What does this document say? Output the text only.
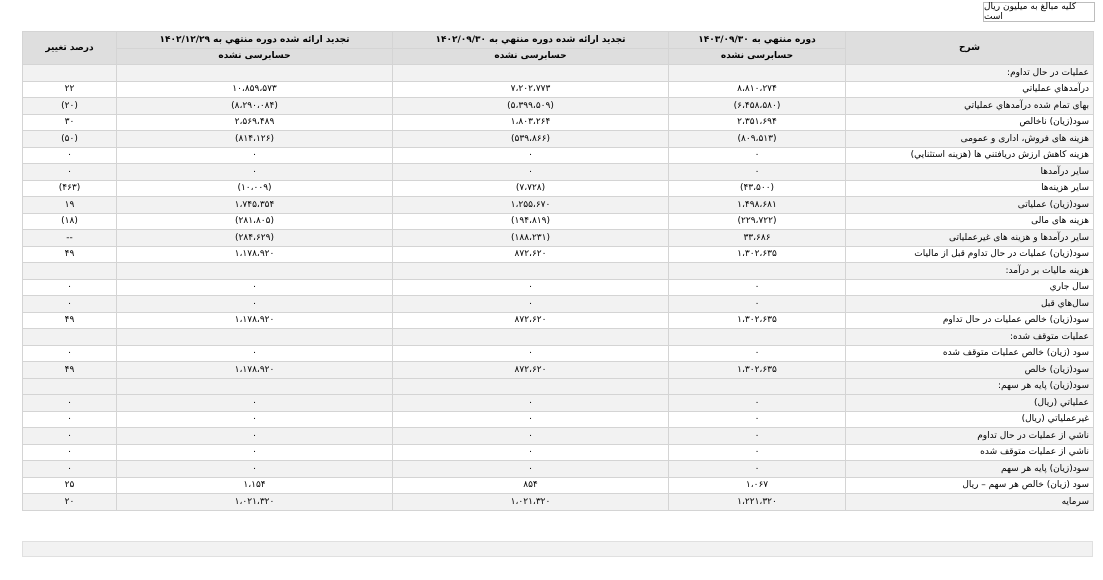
کلیه مبالغ به میلیون ریال است
شرح	دوره منتهي به ۱۴۰۳/۰۹/۳۰	تجدید ارائه شده دوره منتهي به ۱۴۰۲/۰۹/۳۰	تجدید ارائه شده دوره منتهي به ۱۴۰۲/۱۲/۲۹	درصد تغییر
	حسابرسی نشده	حسابرسی نشده	حسابرسی نشده	
عملیات در حال تداوم:				
درآمدهاي عملياتي	۸،۸۱۰،۲۷۴	۷،۲۰۲،۷۷۳	۱۰،۸۵۹،۵۷۳	۲۲
بهاى تمام شده درآمدهاي عملياتي	(۶،۴۵۸،۵۸۰)	(۵،۳۹۹،۵۰۹)	(۸،۲۹۰،۰۸۴)	(۲۰)
سود(زيان) ناخالص	۲،۳۵۱،۶۹۴	۱،۸۰۳،۲۶۴	۲،۵۶۹،۴۸۹	۳۰
هزينه هاى فروش، ادارى و عمومى	(۸۰۹،۵۱۳)	(۵۳۹،۸۶۶)	(۸۱۴،۱۲۶)	(۵۰)
هزينه کاهش ارزش دريافتني ها (هزينه استثنايي)	۰	۰	۰	۰
ساير درآمدها	۰	۰	۰	۰
سایر هزینه‌ها	(۴۳،۵۰۰)	(۷،۷۲۸)	(۱۰،۰۰۹)	(۴۶۳)
سود(زيان) عملياتى	۱،۴۹۸،۶۸۱	۱،۲۵۵،۶۷۰	۱،۷۴۵،۳۵۴	۱۹
هزينه هاى مالى	(۲۲۹،۷۲۲)	(۱۹۴،۸۱۹)	(۲۸۱،۸۰۵)	(۱۸)
ساير درآمدها و هزينه هاى غيرعملياتى	۳۳،۶۸۶	(۱۸۸،۲۳۱)	(۲۸۴،۶۲۹)	--
سود(زيان) عمليات در حال تداوم قبل از ماليات	۱،۳۰۲،۶۳۵	۸۷۲،۶۲۰	۱،۱۷۸،۹۲۰	۴۹
هزينه ماليات بر درآمد:				
سال جاري	۰	۰	۰	۰
سال‌هاي قبل	۰	۰	۰	۰
سود(زيان) خالص عمليات در حال تداوم	۱،۳۰۲،۶۳۵	۸۷۲،۶۲۰	۱،۱۷۸،۹۲۰	۴۹
عمليات متوقف شده:				
سود (زيان) خالص عمليات متوقف شده	۰	۰	۰	۰
سود(زيان) خالص	۱،۳۰۲،۶۳۵	۸۷۲،۶۲۰	۱،۱۷۸،۹۲۰	۴۹
سود(زيان) پايه هر سهم:				
عملياتي (ريال)	۰	۰	۰	۰
غيرعملياتي (ريال)	۰	۰	۰	۰
ناشي از عمليات در حال تداوم	۰	۰	۰	۰
ناشي از عمليات متوقف شده	۰	۰	۰	۰
سود(زيان) پايه هر سهم	۰	۰	۰	۰
سود (زيان) خالص هر سهم – ريال	۱،۰۶۷	۸۵۴	۱،۱۵۴	۲۵
سرمايه	۱،۲۲۱،۳۲۰	۱،۰۲۱،۳۲۰	۱،۰۲۱،۳۲۰	۲۰
